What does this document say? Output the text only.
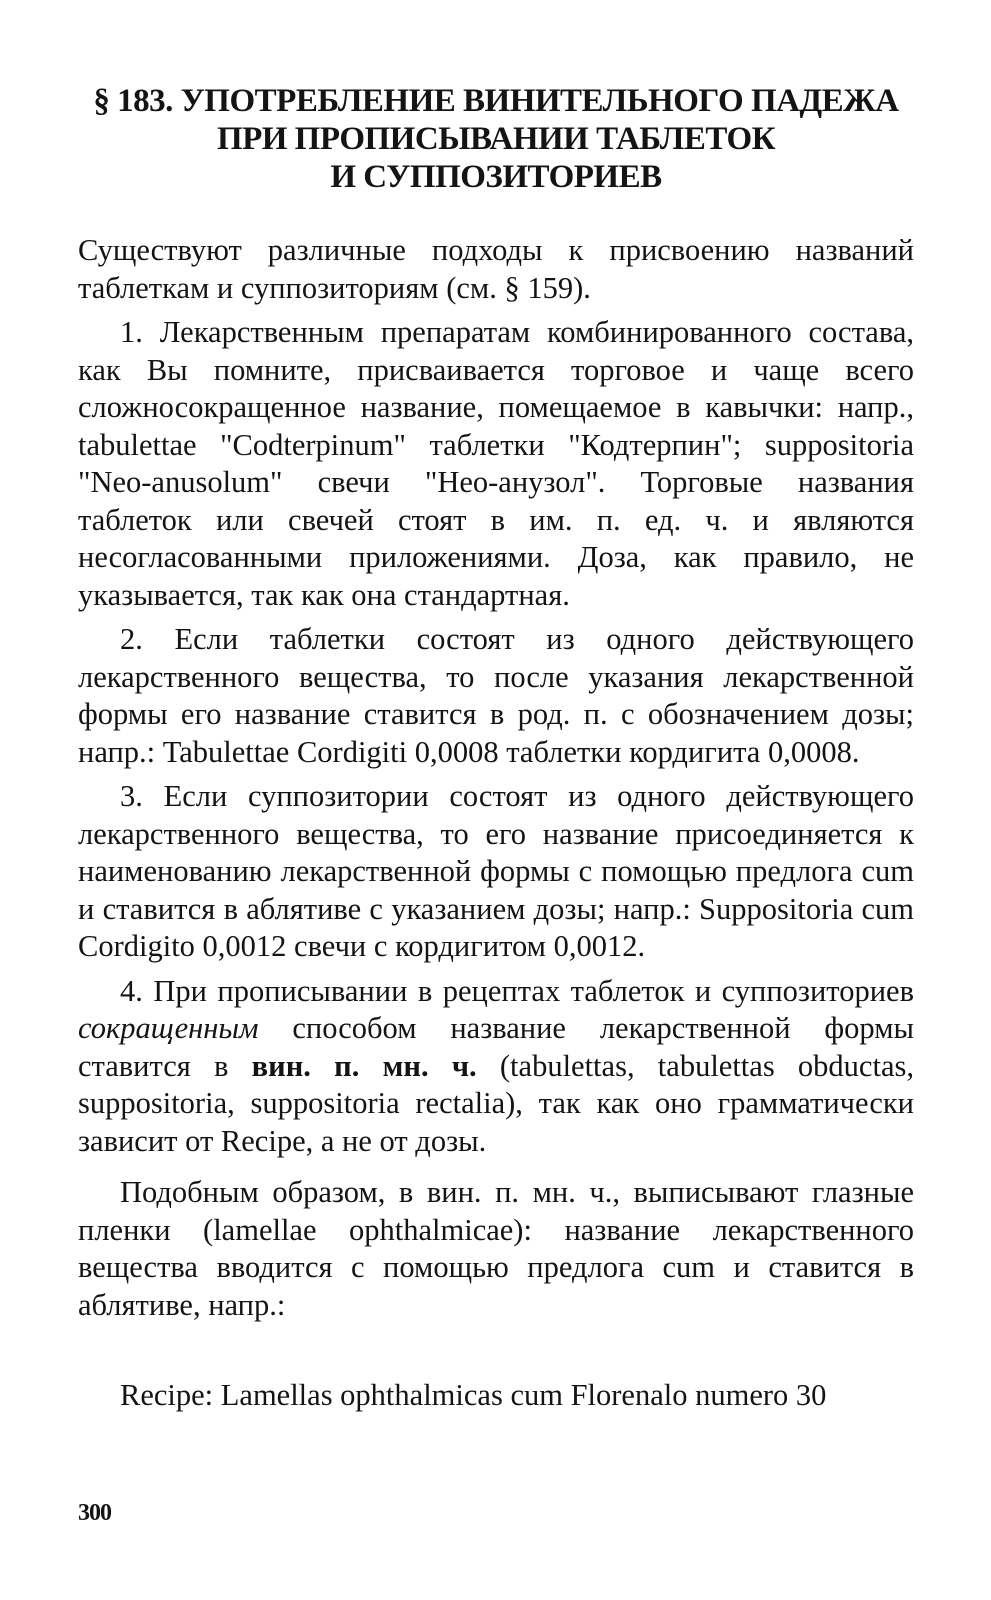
§ 183. УПОТРЕБЛЕНИЕ ВИНИТЕЛЬНОГО ПАДЕЖА
ПРИ ПРОПИСЫВАНИИ ТАБЛЕТОК
И СУППОЗИТОРИЕВ

Существуют различные подходы к присвоению названий таблеткам и суппозиториям (см. § 159).

1. Лекарственным препаратам комбинированного состава, как Вы помните, присваивается торговое и чаще всего сложносокращенное название, помещаемое в кавычки: напр., tabulettae "Codterpinum" таблетки "Кодтерпин"; suppositoria "Neo-anusolum" свечи "Нео-анузол". Торговые названия таблеток или свечей стоят в им. п. ед. ч. и являются несогласованными приложениями. Доза, как правило, не указывается, так как она стандартная.

2. Если таблетки состоят из одного действующего лекарственного вещества, то после указания лекарственной формы его название ставится в род. п. с обозначением дозы; напр.: Tabulettae Cordigiti 0,0008 таблетки кордигита 0,0008.

3. Если суппозитории состоят из одного действующего лекарственного вещества, то его название присоединяется к наименованию лекарственной формы с помощью предлога cum и ставится в аблятиве с указанием дозы; напр.: Suppositoria cum Cordigito 0,0012 свечи с кордигитом 0,0012.

4. При прописывании в рецептах таблеток и суппозиториев сокращенным способом название лекарственной формы ставится в вин. п. мн. ч. (tabulettas, tabulettas obductas, suppositoria, suppositoria rectalia), так как оно грамматически зависит от Recipe, а не от дозы.

Подобным образом, в вин. п. мн. ч., выписывают глазные пленки (lamellae ophthalmicae): название лекарственного вещества вводится с помощью предлога cum и ставится в аблятиве, напр.:

Recipe: Lamellas ophthalmicas cum Florenalo numero 30

300
